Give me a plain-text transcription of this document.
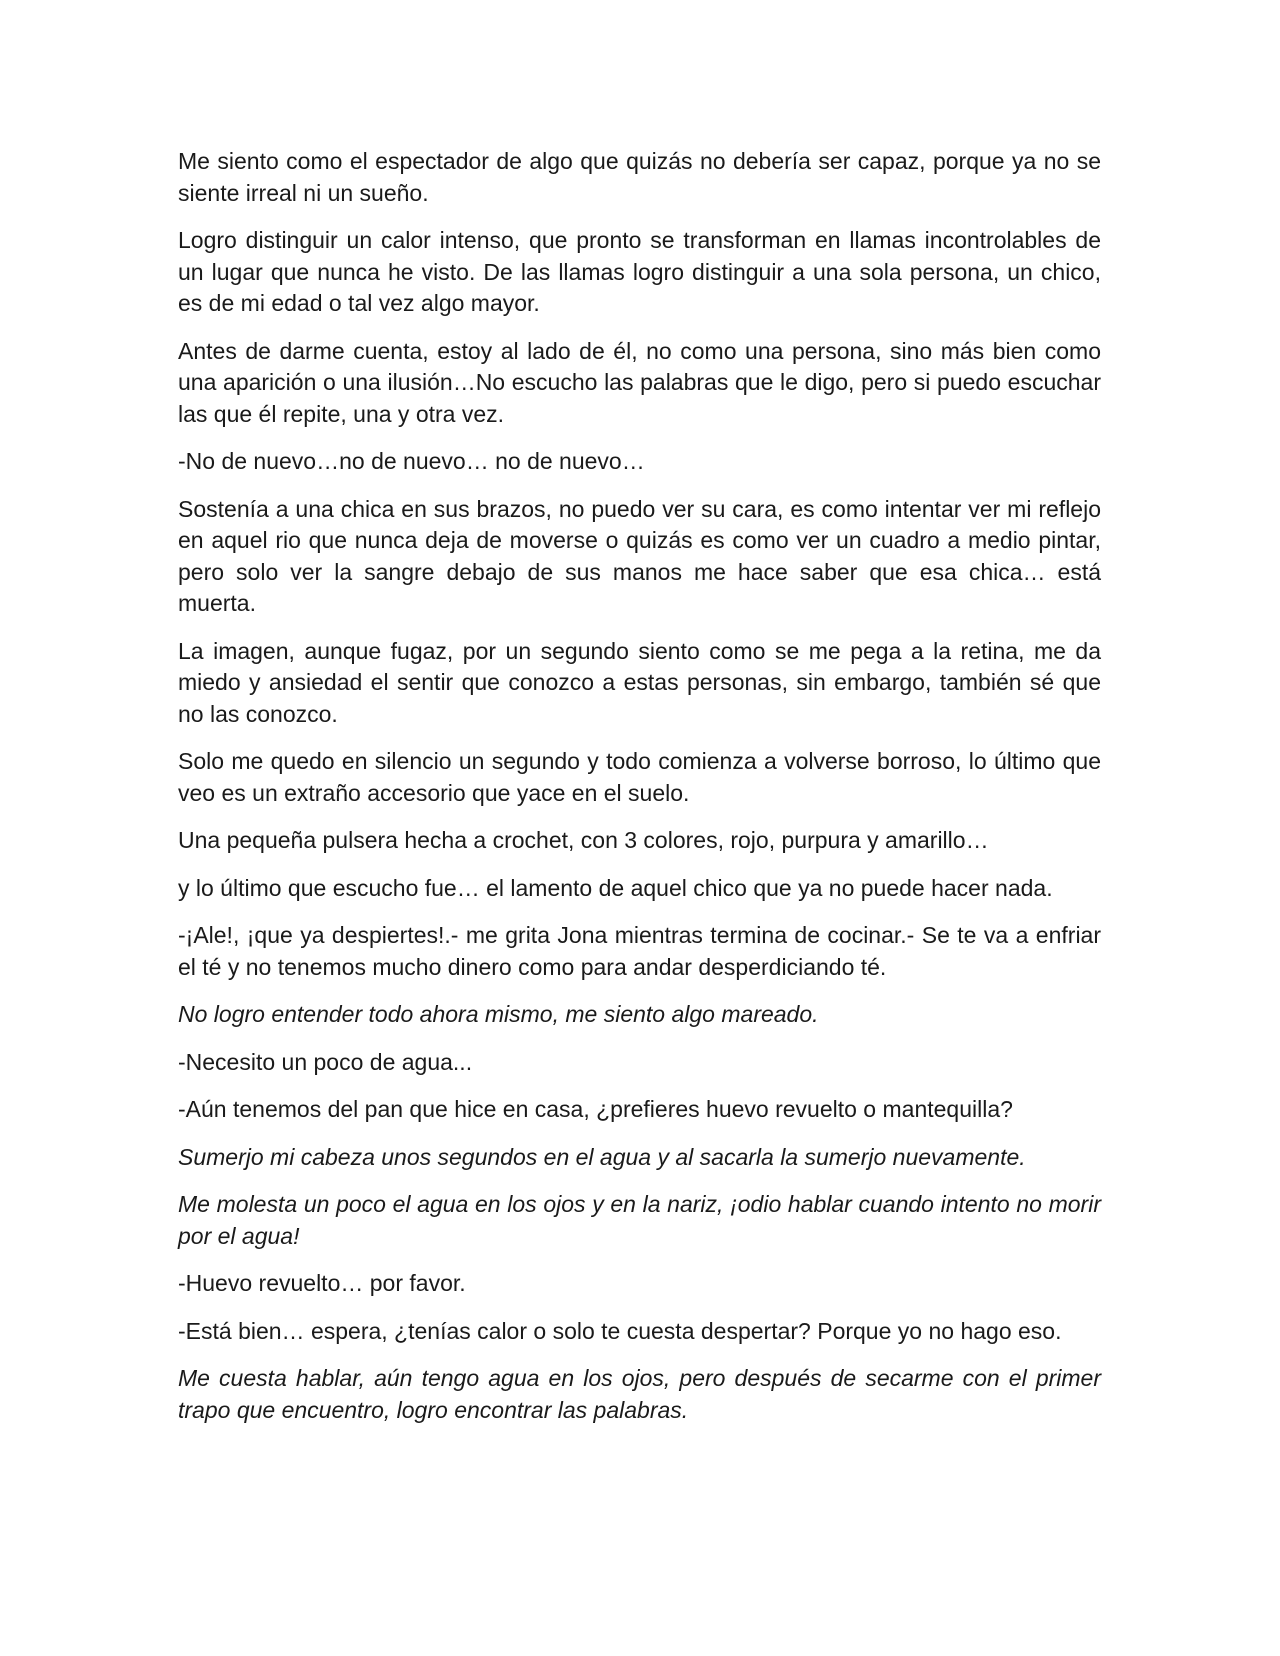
Me siento como el espectador de algo que quizás no debería ser capaz, porque ya no se siente irreal ni un sueño.

Logro distinguir un calor intenso, que pronto se transforman en llamas incontrolables de un lugar que nunca he visto. De las llamas logro distinguir a una sola persona, un chico, es de mi edad o tal vez algo mayor.

Antes de darme cuenta, estoy al lado de él, no como una persona, sino más bien como una aparición o una ilusión…No escucho las palabras que le digo, pero si puedo escuchar las que él repite, una y otra vez.

-No de nuevo…no de nuevo… no de nuevo…

Sostenía a una chica en sus brazos, no puedo ver su cara, es como intentar ver mi reflejo en aquel rio que nunca deja de moverse o quizás es como ver un cuadro a medio pintar, pero solo ver la sangre debajo de sus manos me hace saber que esa chica… está muerta.

La imagen, aunque fugaz, por un segundo siento como se me pega a la retina, me da miedo y ansiedad el sentir que conozco a estas personas, sin embargo, también sé que no las conozco.

Solo me quedo en silencio un segundo y todo comienza a volverse borroso, lo último que veo es un extraño accesorio que yace en el suelo.

Una pequeña pulsera hecha a crochet, con 3 colores, rojo, purpura y amarillo…

y lo último que escucho fue… el lamento de aquel chico que ya no puede hacer nada.

-¡Ale!, ¡que ya despiertes!.- me grita Jona mientras termina de cocinar.- Se te va a enfriar el té y no tenemos mucho dinero como para andar desperdiciando té.

No logro entender todo ahora mismo, me siento algo mareado.

-Necesito un poco de agua...

-Aún tenemos del pan que hice en casa, ¿prefieres huevo revuelto o mantequilla?

Sumerjo mi cabeza unos segundos en el agua y al sacarla la sumerjo nuevamente.

Me molesta un poco el agua en los ojos y en la nariz, ¡odio hablar cuando intento no morir por el agua!

-Huevo revuelto… por favor.

-Está bien… espera, ¿tenías calor o solo te cuesta despertar? Porque yo no hago eso.

Me cuesta hablar, aún tengo agua en los ojos, pero después de secarme con el primer trapo que encuentro, logro encontrar las palabras.
